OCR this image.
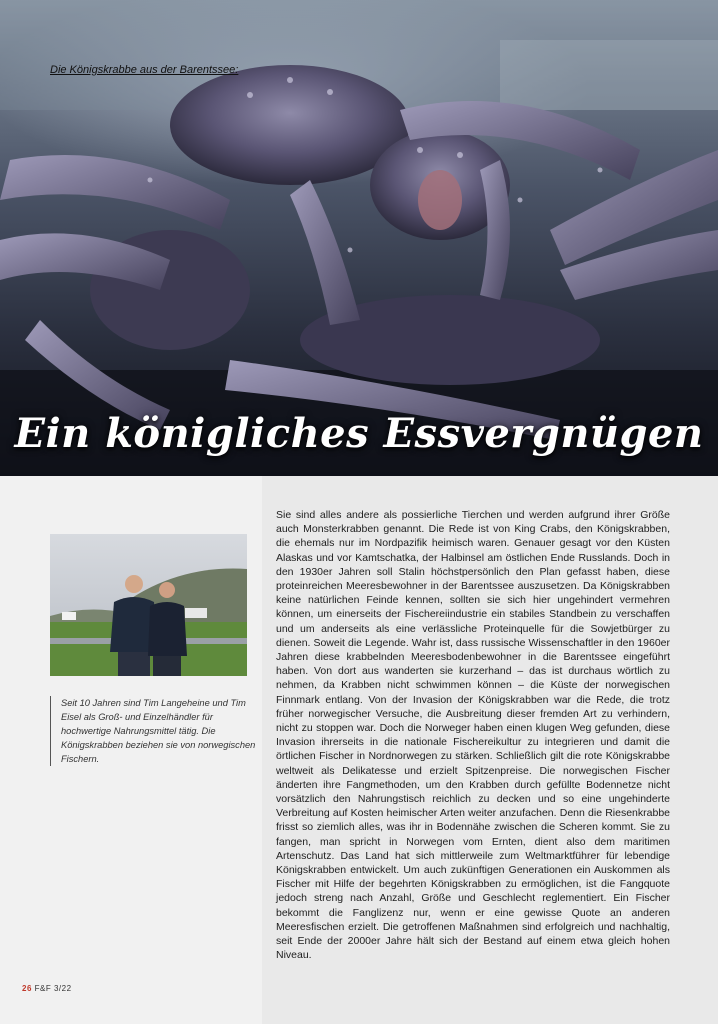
Die Königskrabbe aus der Barentssee:
Ein königliches Essvergnügen
Seit 10 Jahren sind Tim Langeheine und Tim Eisel als Groß- und Einzelhändler für hochwertige Nahrungsmittel tätig. Die Königskrabben beziehen sie von norwegischen Fischern.
Sie sind alles andere als possierliche Tierchen und werden aufgrund ihrer Größe auch Monsterkrabben genannt. Die Rede ist von King Crabs, den Königskrabben, die ehemals nur im Nordpazifik heimisch waren. Genauer gesagt vor den Küsten Alaskas und vor Kamtschatka, der Halbinsel am östlichen Ende Russlands. Doch in den 1930er Jahren soll Stalin höchstpersönlich den Plan gefasst haben, diese proteinreichen Meeresbewohner in der Barentssee auszusetzen. Da Königskrabben keine natürlichen Feinde kennen, sollten sie sich hier ungehindert vermehren können, um einerseits der Fischereiindustrie ein stabiles Standbein zu verschaffen und um anderseits als eine verlässliche Proteinquelle für die Sowjetbürger zu dienen. Soweit die Legende. Wahr ist, dass russische Wissenschaftler in den 1960er Jahren diese krabbelnden Meeresbodenbewohner in die Barentssee eingeführt haben. Von dort aus wanderten sie kurzerhand – das ist durchaus wörtlich zu nehmen, da Krabben nicht schwimmen können – die Küste der norwegischen Finnmark entlang. Von der Invasion der Königskrabben war die Rede, die trotz früher norwegischer Versuche, die Ausbreitung dieser fremden Art zu verhindern, nicht zu stoppen war. Doch die Norweger haben einen klugen Weg gefunden, diese Invasion ihrerseits in die nationale Fischereikultur zu integrieren und damit die örtlichen Fischer in Nordnorwegen zu stärken. Schließlich gilt die rote Königskrabbe weltweit als Delikatesse und erzielt Spitzenpreise. Die norwegischen Fischer änderten ihre Fangmethoden, um den Krabben durch gefüllte Bodennetze nicht vorsätzlich den Nahrungstisch reichlich zu decken und so eine ungehinderte Verbreitung auf Kosten heimischer Arten weiter anzufachen. Denn die Riesenkrabbe frisst so ziemlich alles, was ihr in Bodennähe zwischen die Scheren kommt. Sie zu fangen, man spricht in Norwegen vom Ernten, dient also dem maritimen Artenschutz. Das Land hat sich mittlerweile zum Weltmarktführer für lebendige Königskrabben entwickelt. Um auch zukünftigen Generationen ein Auskommen als Fischer mit Hilfe der begehrten Königskrabben zu ermöglichen, ist die Fangquote jedoch streng nach Anzahl, Größe und Geschlecht reglementiert. Ein Fischer bekommt die Fanglizenz nur, wenn er eine gewisse Quote an anderen Meeresfischen erzielt. Die getroffenen Maßnahmen sind erfolgreich und nachhaltig, seit Ende der 2000er Jahre hält sich der Bestand auf einem etwa gleich hohen Niveau.
26 F&F 3/22
